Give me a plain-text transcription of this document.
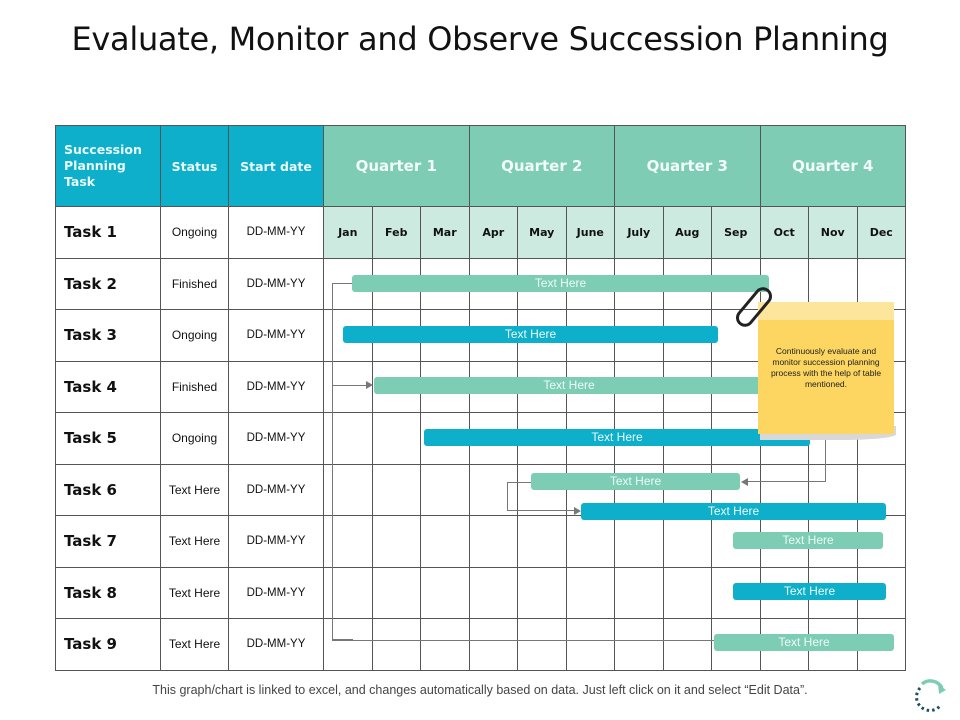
Evaluate, Monitor and Observe Succession Planning
Succession Planning Task	Status	Start date	Quarter 1			Quarter 2			Quarter 3			Quarter 4		
Task 1	Ongoing	DD-MM-YY	Jan	Feb	Mar	Apr	May	June	July	Aug	Sep	Oct	Nov	Dec
Task 2	Finished	DD-MM-YY												
Task 3	Ongoing	DD-MM-YY												
Task 4	Finished	DD-MM-YY												
Task 5	Ongoing	DD-MM-YY												
Task 6	Text Here	DD-MM-YY												
Task 7	Text Here	DD-MM-YY												
Task 8	Text Here	DD-MM-YY												
Task 9	Text Here	DD-MM-YY												
Text Here
Text Here
Text Here
Text Here
Text Here
Text Here
Text Here
Text Here
Text Here
Continuously evaluate and monitor succession planning process with the help of table mentioned.
This graph/chart is linked to excel, and changes automatically based on data. Just left click on it and select “Edit Data”.
